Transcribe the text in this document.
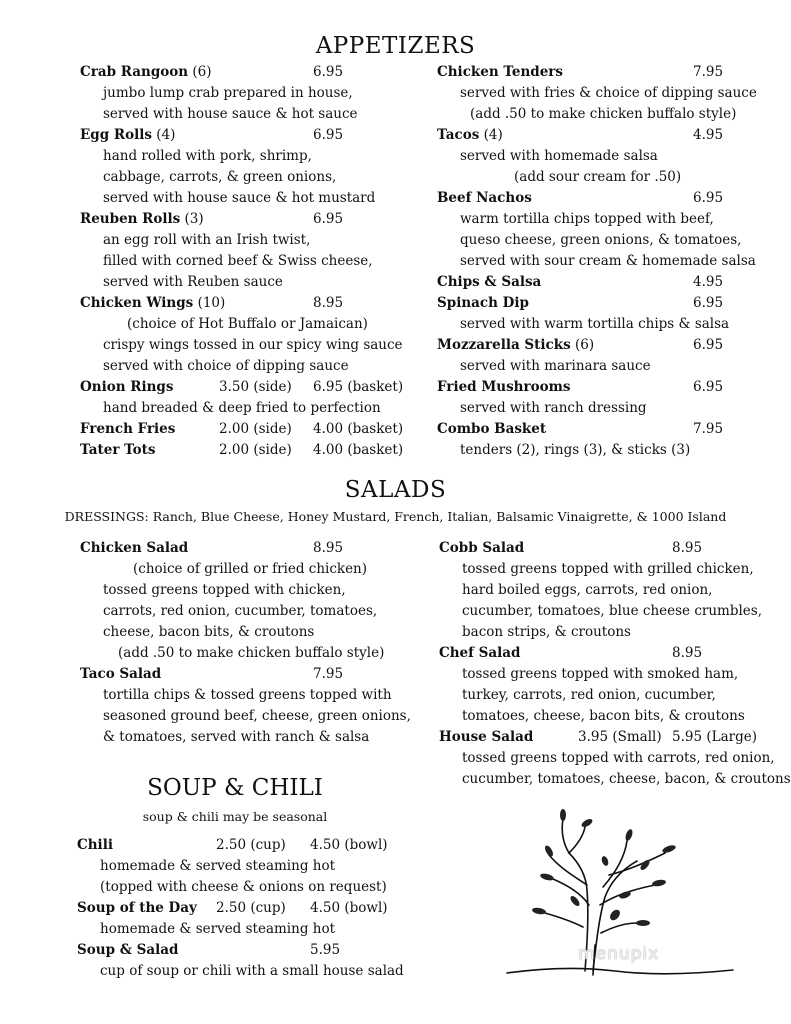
APPETIZERS
Crab Rangoon (6)	6.95
jumbo lump crab prepared in house,
served with house sauce & hot sauce
Egg Rolls (4)	6.95
hand rolled with pork, shrimp,
cabbage, carrots, & green onions,
served with house sauce & hot mustard
Reuben Rolls (3)	6.95
an egg roll with an Irish twist,
filled with corned beef & Swiss cheese,
served with Reuben sauce
Chicken Wings (10)	8.95
(choice of Hot Buffalo or Jamaican)
crispy wings tossed in our spicy wing sauce
served with choice of dipping sauce
Onion Rings	3.50 (side) 6.95 (basket)
hand breaded & deep fried to perfection
French Fries	2.00 (side) 4.00 (basket)
Tater Tots	2.00 (side) 4.00 (basket)
Chicken Tenders	7.95
served with fries & choice of dipping sauce
(add .50 to make chicken buffalo style)
Tacos (4)	4.95
served with homemade salsa
(add sour cream for .50)
Beef Nachos	6.95
warm tortilla chips topped with beef,
queso cheese, green onions, & tomatoes,
served with sour cream & homemade salsa
Chips & Salsa	4.95
Spinach Dip	6.95
served with warm tortilla chips & salsa
Mozzarella Sticks (6)	6.95
served with marinara sauce
Fried Mushrooms	6.95
served with ranch dressing
Combo Basket	7.95
tenders (2), rings (3), & sticks (3)
SALADS
DRESSINGS: Ranch, Blue Cheese, Honey Mustard, French, Italian, Balsamic Vinaigrette, & 1000 Island
Chicken Salad	8.95
(choice of grilled or fried chicken)
tossed greens topped with chicken,
carrots, red onion, cucumber, tomatoes,
cheese, bacon bits, & croutons
(add .50 to make chicken buffalo style)
Taco Salad	7.95
tortilla chips & tossed greens topped with
seasoned ground beef, cheese, green onions,
& tomatoes, served with ranch & salsa
Cobb Salad	8.95
tossed greens topped with grilled chicken,
hard boiled eggs, carrots, red onion,
cucumber, tomatoes, blue cheese crumbles,
bacon strips, & croutons
Chef Salad	8.95
tossed greens topped with smoked ham,
turkey, carrots, red onion, cucumber,
tomatoes, cheese, bacon bits, & croutons
House Salad	3.95 (Small) 5.95 (Large)
tossed greens topped with carrots, red onion,
cucumber, tomatoes, cheese, bacon, & croutons
SOUP & CHILI
soup & chili may be seasonal
Chili	2.50 (cup) 4.50 (bowl)
homemade & served steaming hot
(topped with cheese & onions on request)
Soup of the Day 2.50 (cup) 4.50 (bowl)
homemade & served steaming hot
Soup & Salad	5.95
cup of soup or chili with a small house salad
menupix
